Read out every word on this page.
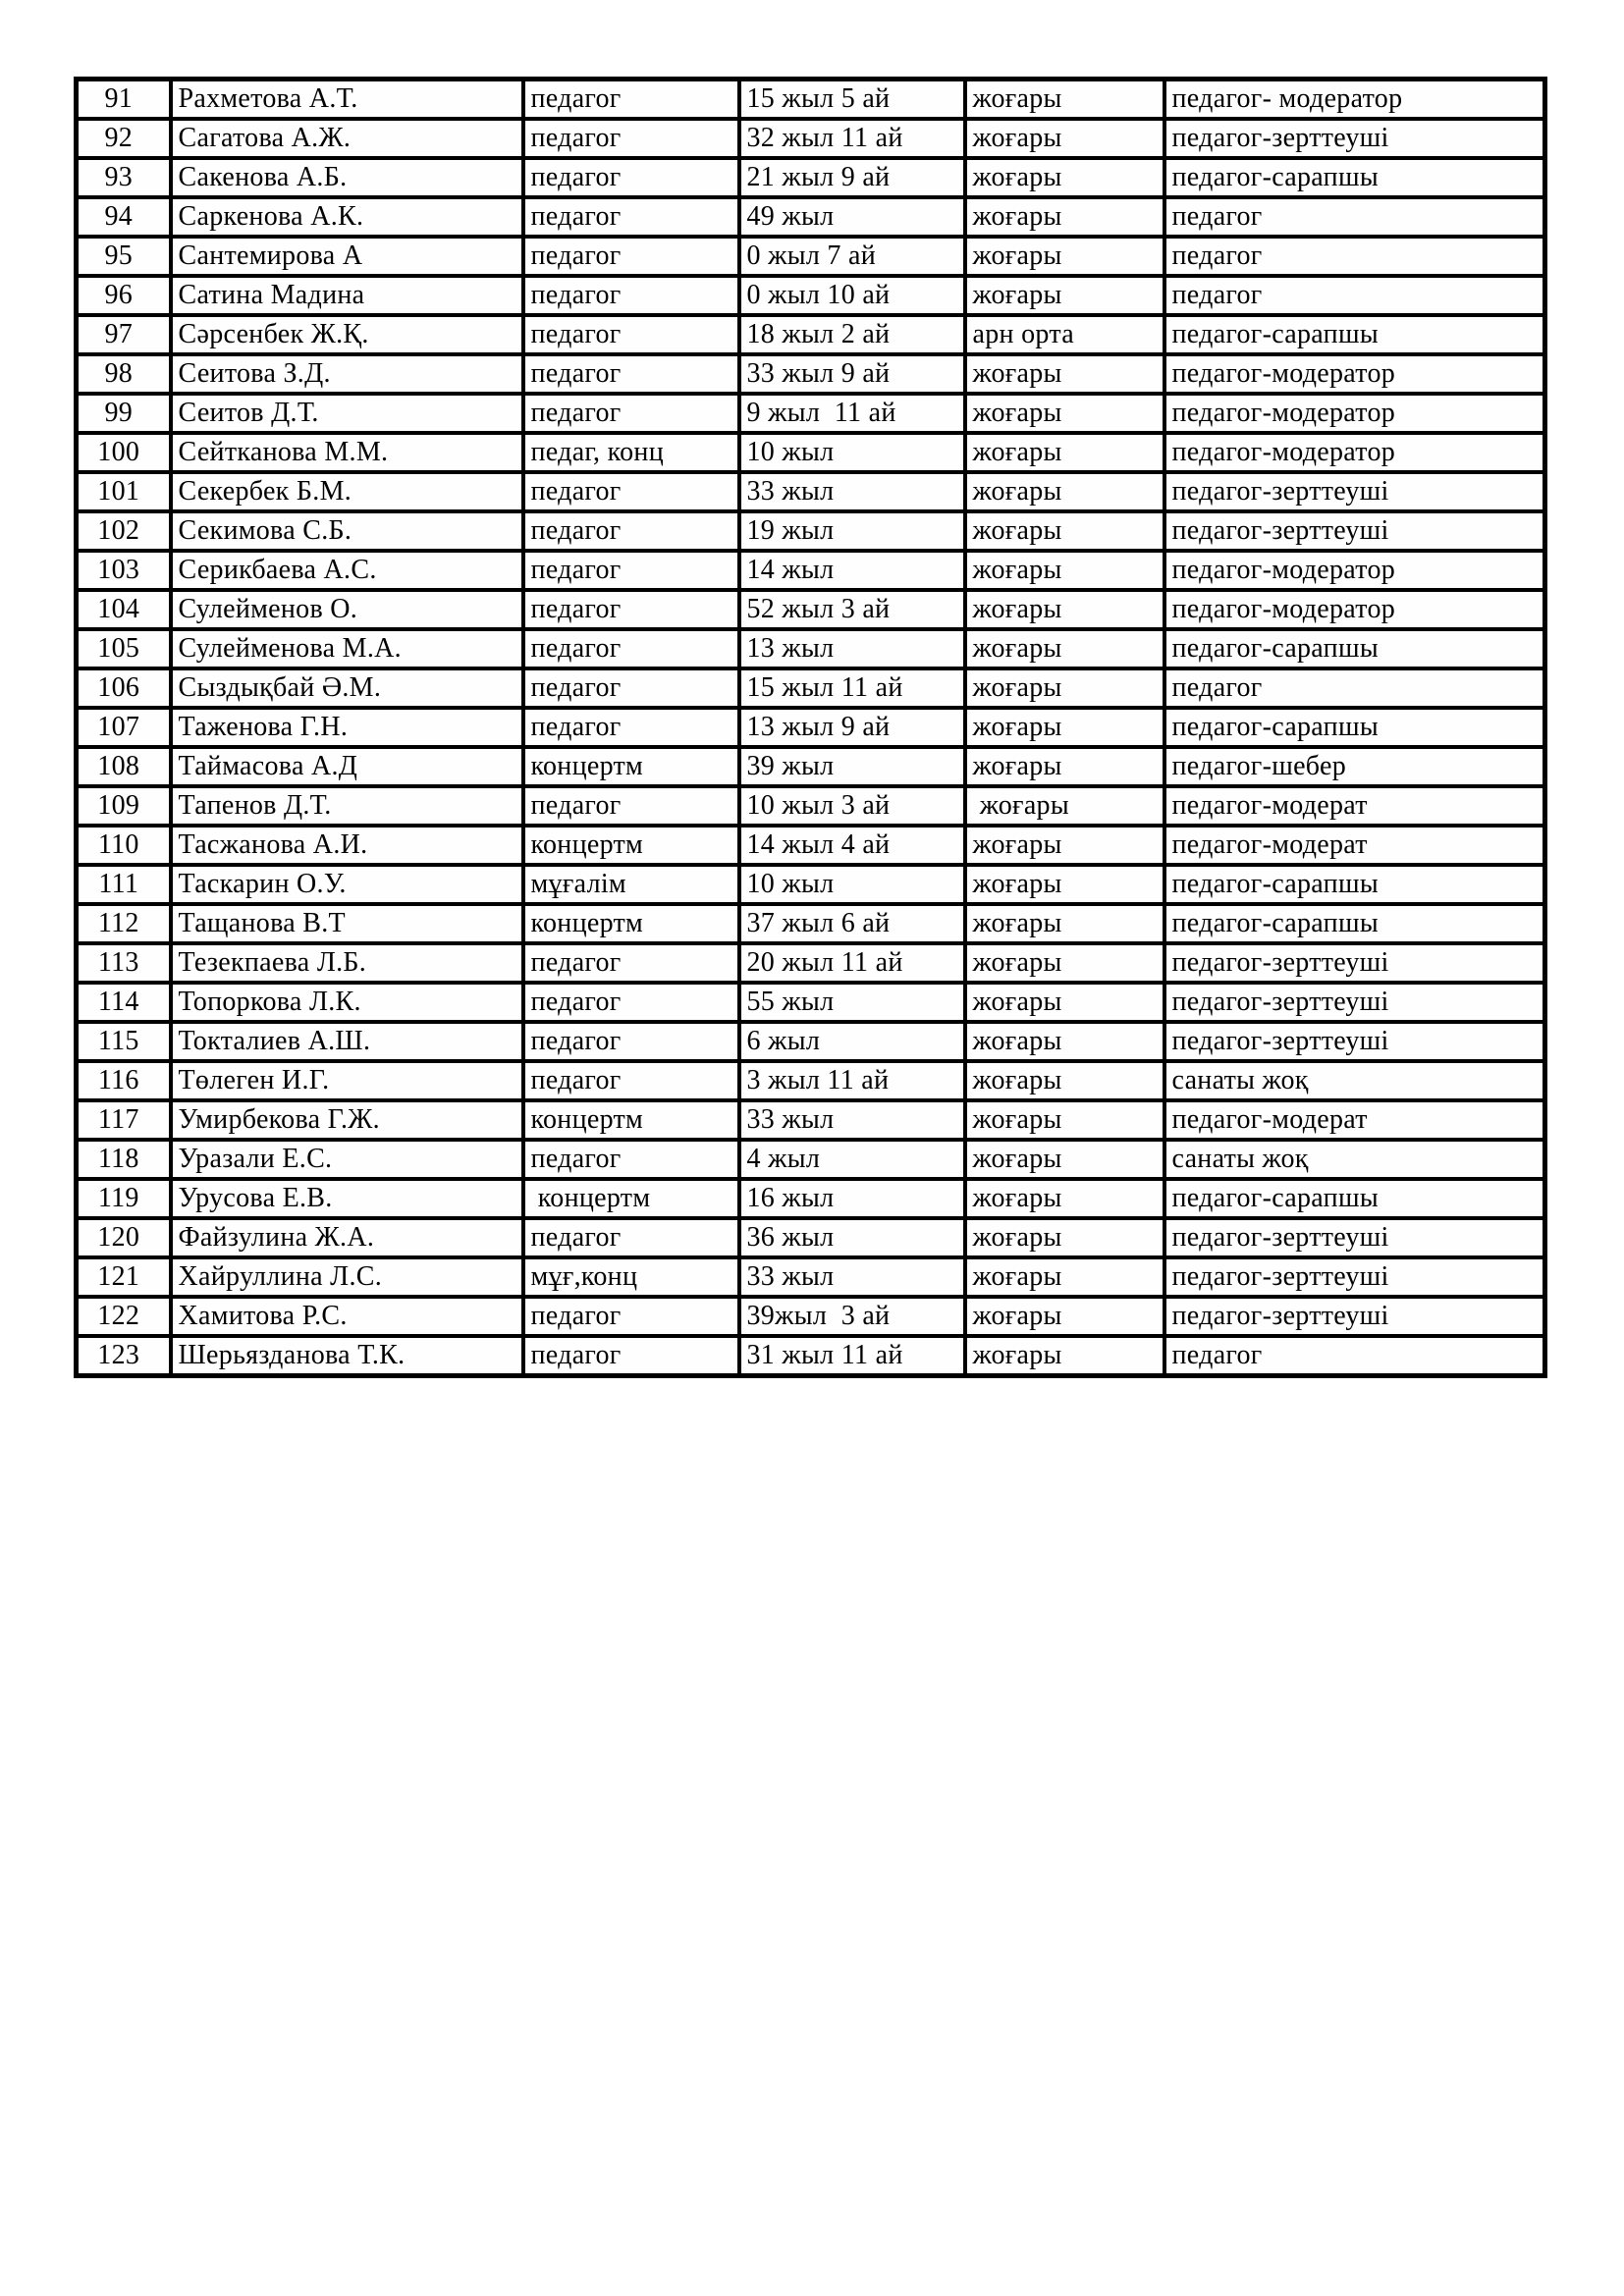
91	Рахметова А.Т.	педагог	15 жыл 5 ай	жоғары	педагог- модератор
92	Сагатова А.Ж.	педагог	32 жыл 11 ай	жоғары	педагог-зерттеуші
93	Сакенова А.Б.	педагог	21 жыл 9 ай	жоғары	педагог-сарапшы
94	Саркенова А.К.	педагог	49 жыл	жоғары	педагог
95	Сантемирова А	педагог	0 жыл 7 ай	жоғары	педагог
96	Сатина Мадина	педагог	0 жыл 10 ай	жоғары	педагог
97	Сәрсенбек Ж.Қ.	педагог	18 жыл 2 ай	арн орта	педагог-сарапшы
98	Сеитова З.Д.	педагог	33 жыл 9 ай	жоғары	педагог-модератор
99	Сеитов Д.Т.	педагог	9 жыл  11 ай	жоғары	педагог-модератор
100	Сейтканова М.М.	педаг, конц	10 жыл	жоғары	педагог-модератор
101	Секербек Б.М.	педагог	33 жыл	жоғары	педагог-зерттеуші
102	Секимова С.Б.	педагог	19 жыл	жоғары	педагог-зерттеуші
103	Серикбаева А.С.	педагог	14 жыл	жоғары	педагог-модератор
104	Сулейменов О.	педагог	52 жыл 3 ай	жоғары	педагог-модератор
105	Сулейменова М.А.	педагог	13 жыл	жоғары	педагог-сарапшы
106	Сыздықбай Ә.М.	педагог	15 жыл 11 ай	жоғары	педагог
107	Таженова Г.Н.	педагог	13 жыл 9 ай	жоғары	педагог-сарапшы
108	Таймасова А.Д	концертм	39 жыл	жоғары	педагог-шебер
109	Тапенов Д.Т.	педагог	10 жыл 3 ай	жоғары	педагог-модерат
110	Тасжанова А.И.	концертм	14 жыл 4 ай	жоғары	педагог-модерат
111	Таскарин О.У.	мұғалім	10 жыл	жоғары	педагог-сарапшы
112	Тащанова В.Т	концертм	37 жыл 6 ай	жоғары	педагог-сарапшы
113	Тезекпаева Л.Б.	педагог	20 жыл 11 ай	жоғары	педагог-зерттеуші
114	Топоркова Л.К.	педагог	55 жыл	жоғары	педагог-зерттеуші
115	Токталиев А.Ш.	педагог	6 жыл	жоғары	педагог-зерттеуші
116	Төлеген И.Г.	педагог	3 жыл 11 ай	жоғары	санаты жоқ
117	Умирбекова Г.Ж.	концертм	33 жыл	жоғары	педагог-модерат
118	Уразали Е.С.	педагог	4 жыл	жоғары	санаты жоқ
119	Урусова Е.В.	концертм	16 жыл	жоғары	педагог-сарапшы
120	Файзулина Ж.А.	педагог	36 жыл	жоғары	педагог-зерттеуші
121	Хайруллина Л.С.	мұғ,конц	33 жыл	жоғары	педагог-зерттеуші
122	Хамитова Р.С.	педагог	39жыл  3 ай	жоғары	педагог-зерттеуші
123	Шерьязданова Т.К.	педагог	31 жыл 11 ай	жоғары	педагог
